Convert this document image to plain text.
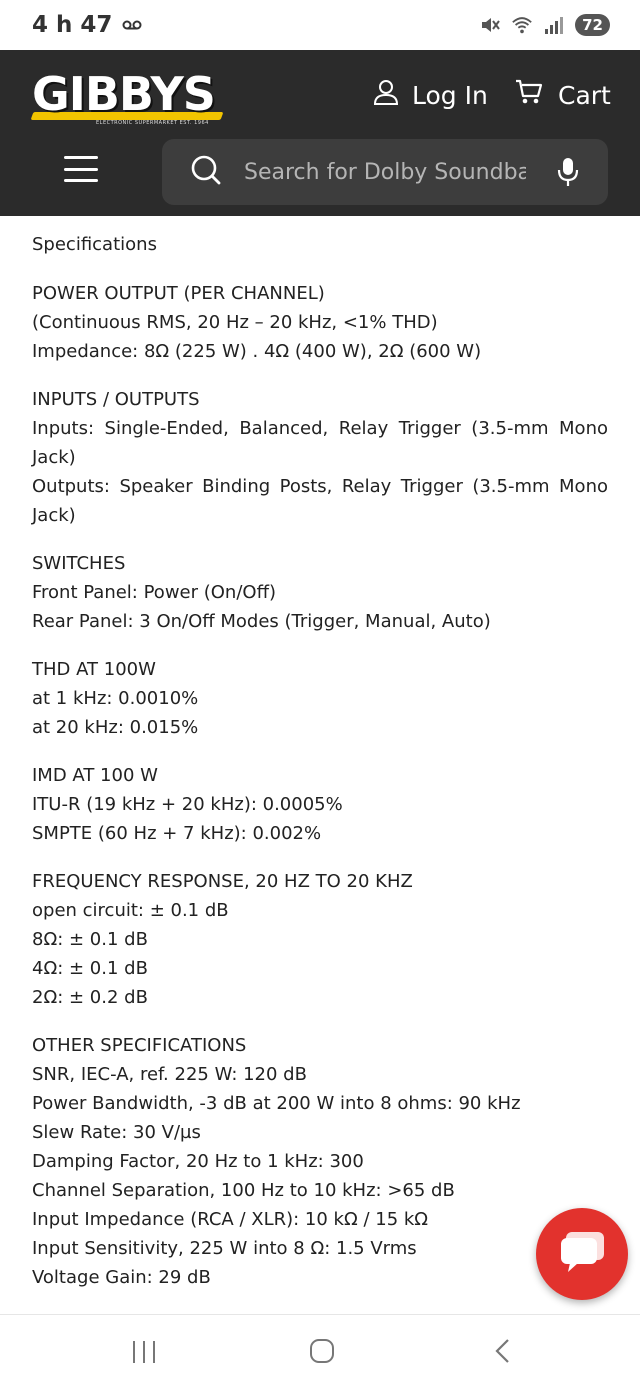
4 h 47	72
GIBBYS
ELECTRONIC SUPERMARKET EST. 1964
Log In	Cart
Search for Dolby Soundbar
Specifications
POWER OUTPUT (PER CHANNEL)

(Continuous RMS, 20 Hz – 20 kHz, <1% THD)

Impedance: 8Ω (225 W) . 4Ω (400 W), 2Ω (600 W)

INPUTS / OUTPUTS

Inputs: Single-Ended, Balanced, Relay Trigger (3.5-mm Mono Jack)

Outputs: Speaker Binding Posts, Relay Trigger (3.5-mm Mono Jack)

SWITCHES

Front Panel: Power (On/Off)

Rear Panel: 3 On/Off Modes (Trigger, Manual, Auto)

THD AT 100W

at 1 kHz: 0.0010%

at 20 kHz: 0.015%

IMD AT 100 W

ITU-R (19 kHz + 20 kHz): 0.0005%

SMPTE (60 Hz + 7 kHz): 0.002%

FREQUENCY RESPONSE, 20 HZ TO 20 KHZ

open circuit: ± 0.1 dB

8Ω: ± 0.1 dB

4Ω: ± 0.1 dB

2Ω: ± 0.2 dB

OTHER SPECIFICATIONS

SNR, IEC-A, ref. 225 W: 120 dB

Power Bandwidth, -3 dB at 200 W into 8 ohms: 90 kHz

Slew Rate: 30 V/µs

Damping Factor, 20 Hz to 1 kHz: 300

Channel Separation, 100 Hz to 10 kHz: >65 dB

Input Impedance (RCA / XLR): 10 kΩ / 15 kΩ

Input Sensitivity, 225 W into 8 Ω: 1.5 Vrms

Voltage Gain: 29 dB
